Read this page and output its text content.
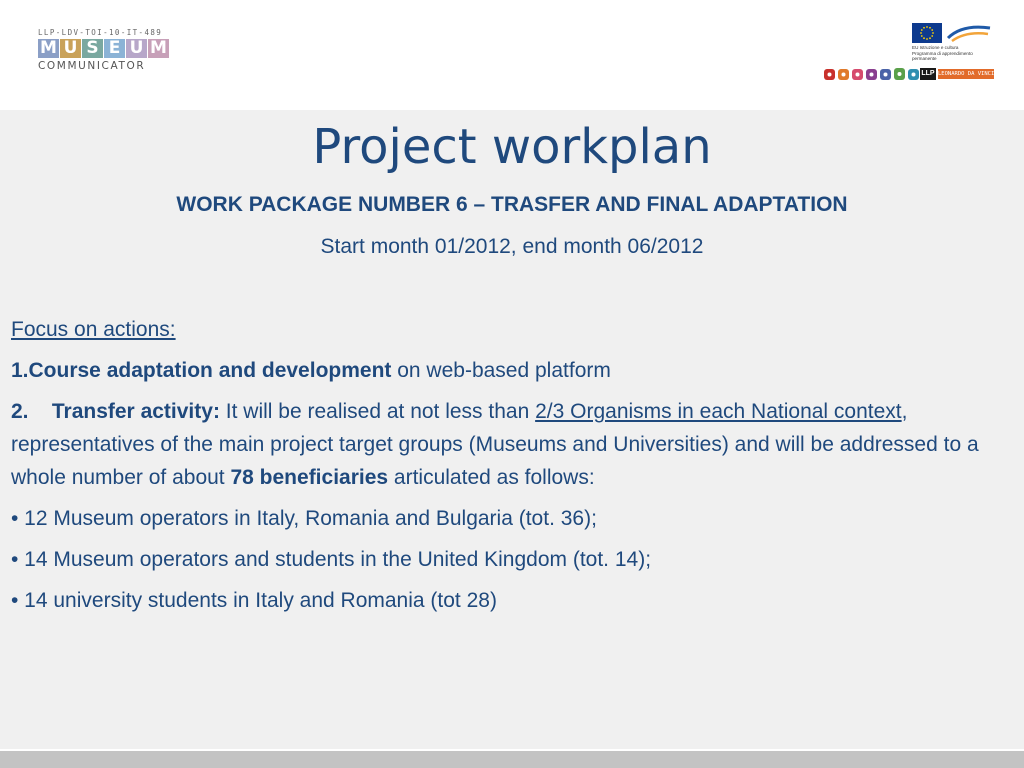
LLP-LDV-TOI-10-IT-489
M U S E U M
COMMUNICATOR
EU Istruzione e cultura
Programma di apprendimento permanente
LLP LEONARDO DA VINCI
Project workplan
WORK PACKAGE NUMBER 6 – TRASFER AND FINAL ADAPTATION
Start month 01/2012, end month 06/2012

Focus on actions:

1.Course adaptation and development on web-based platform

2. Transfer activity: It will be realised at not less than 2/3 Organisms in each National context, representatives of the main project target groups (Museums and Universities) and will be addressed to a whole number of about 78 beneficiaries articulated as follows:

• 12 Museum operators in Italy, Romania and Bulgaria (tot. 36);

• 14 Museum operators and students in the United Kingdom (tot. 14);

• 14 university students in Italy and Romania (tot 28)
